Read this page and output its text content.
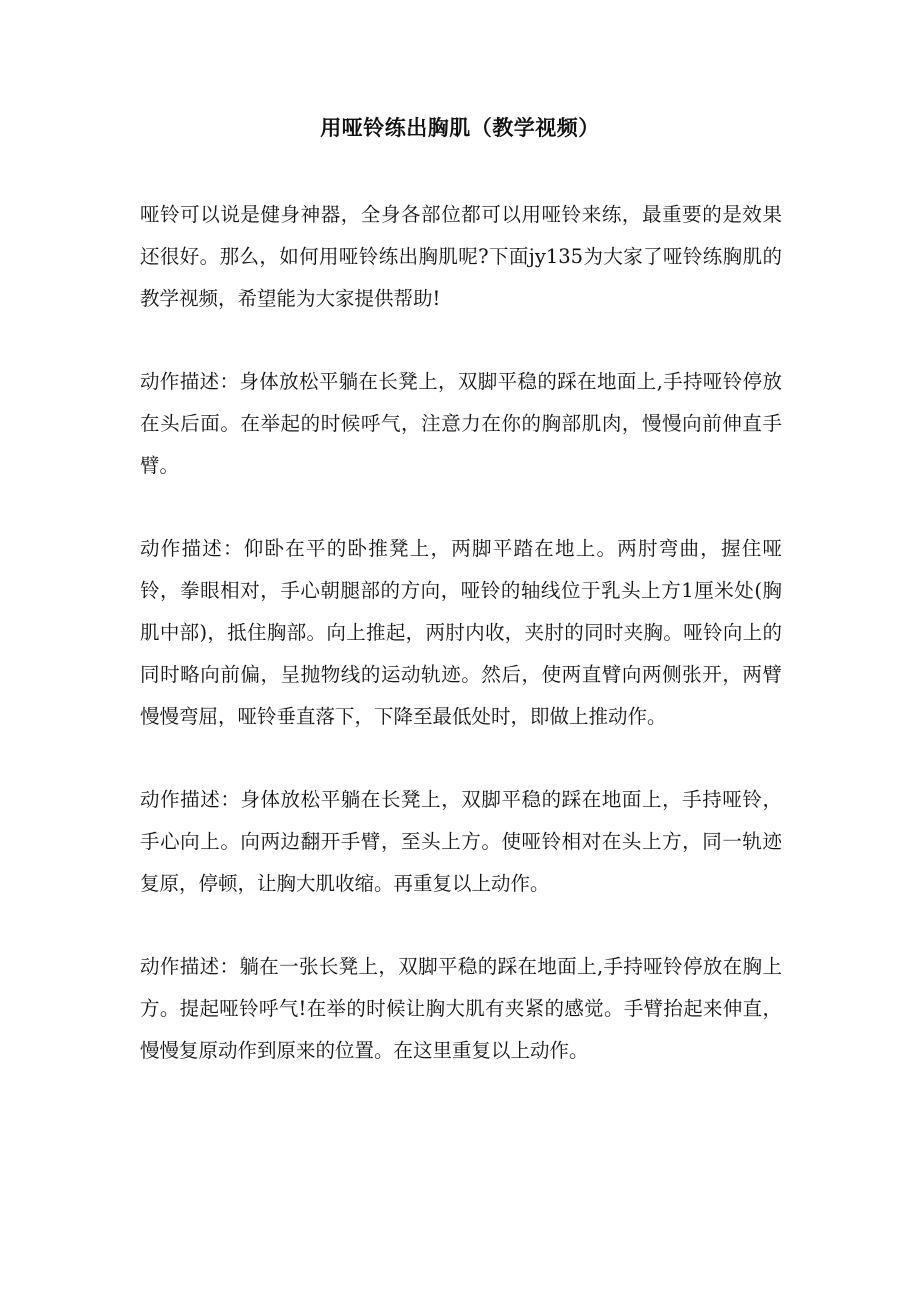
用哑铃练出胸肌（教学视频）

哑铃可以说是健身神器，全身各部位都可以用哑铃来练，最重要的是效果还很好。那么，如何用哑铃练出胸肌呢?下面jy135为大家了哑铃练胸肌的教学视频，希望能为大家提供帮助!

动作描述：身体放松平躺在长凳上，双脚平稳的踩在地面上,手持哑铃停放在头后面。在举起的时候呼气，注意力在你的胸部肌肉，慢慢向前伸直手臂。

动作描述：仰卧在平的卧推凳上，两脚平踏在地上。两肘弯曲，握住哑铃，拳眼相对，手心朝腿部的方向，哑铃的轴线位于乳头上方1厘米处(胸肌中部)，抵住胸部。向上推起，两肘内收，夹肘的同时夹胸。哑铃向上的同时略向前偏，呈抛物线的运动轨迹。然后，使两直臂向两侧张开，两臂慢慢弯屈，哑铃垂直落下，下降至最低处时，即做上推动作。

动作描述：身体放松平躺在长凳上，双脚平稳的踩在地面上，手持哑铃，手心向上。向两边翻开手臂，至头上方。使哑铃相对在头上方，同一轨迹复原，停顿，让胸大肌收缩。再重复以上动作。

动作描述：躺在一张长凳上，双脚平稳的踩在地面上,手持哑铃停放在胸上方。提起哑铃呼气!在举的时候让胸大肌有夹紧的感觉。手臂抬起来伸直，慢慢复原动作到原来的位置。在这里重复以上动作。
